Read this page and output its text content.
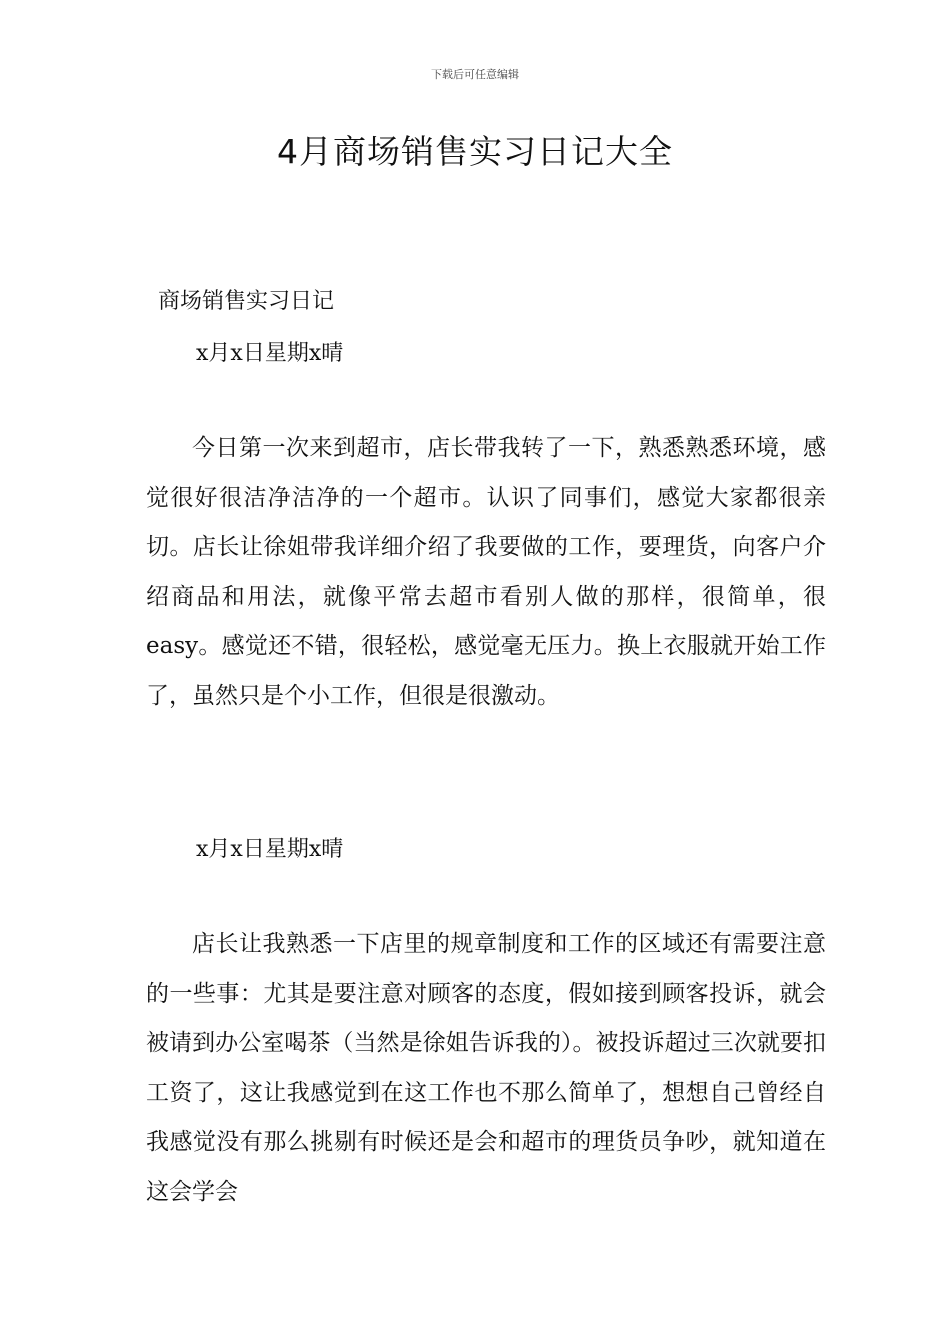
下载后可任意编辑
4月商场销售实习日记大全
商场销售实习日记
x月x日星期x晴

今日第一次来到超市，店长带我转了一下，熟悉熟悉环境，感觉很好很洁净洁净的一个超市。认识了同事们，感觉大家都很亲切。店长让徐姐带我详细介绍了我要做的工作，要理货，向客户介绍商品和用法，就像平常去超市看别人做的那样，很简单，很easy。感觉还不错，很轻松，感觉毫无压力。换上衣服就开始工作了，虽然只是个小工作，但很是很激动。

x月x日星期x晴

店长让我熟悉一下店里的规章制度和工作的区域还有需要注意的一些事：尤其是要注意对顾客的态度，假如接到顾客投诉，就会被请到办公室喝茶（当然是徐姐告诉我的）。被投诉超过三次就要扣工资了，这让我感觉到在这工作也不那么简单了，想想自己曾经自我感觉没有那么挑剔有时候还是会和超市的理货员争吵，就知道在这会学会
